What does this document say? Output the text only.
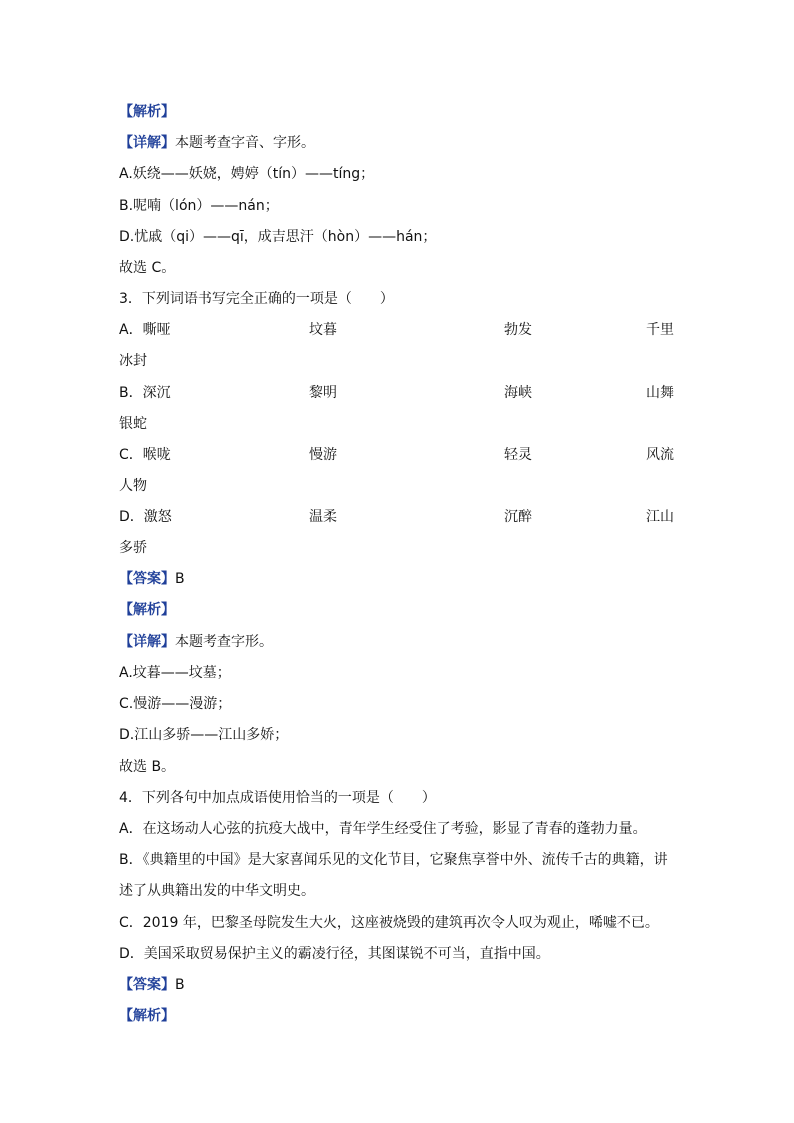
【解析】
【详解】本题考查字音、字形。
A.妖绕——妖娆，娉婷（tín）——tíng；
B.呢喃（lón）——nán；
D.忧戚（qi）——qī，成吉思汗（hòn）——hán；
故选 C。
3．下列词语书写完全正确的一项是（　　）
A．嘶哑	坟暮	勃发	千里
冰封
B．深沉	黎明	海峡	山舞
银蛇
C．喉咙	慢游	轻灵	风流
人物
D．激怒	温柔	沉醉	江山
多骄
【答案】B
【解析】
【详解】本题考查字形。
A.坟暮——坟墓；
C.慢游——漫游；
D.江山多骄——江山多娇；
故选 B。
4．下列各句中加点成语使用恰当的一项是（　　）
A．在这场动人心弦的抗疫大战中，青年学生经受住了考验，影显了青春的蓬勃力量。
B．《典籍里的中国》是大家喜闻乐见的文化节目，它聚焦享誉中外、流传千古的典籍，讲
述了从典籍出发的中华文明史。
C．2019 年，巴黎圣母院发生大火，这座被烧毁的建筑再次令人叹为观止，唏嘘不已。
D．美国采取贸易保护主义的霸凌行径，其图谋锐不可当，直指中国。
【答案】B
【解析】
